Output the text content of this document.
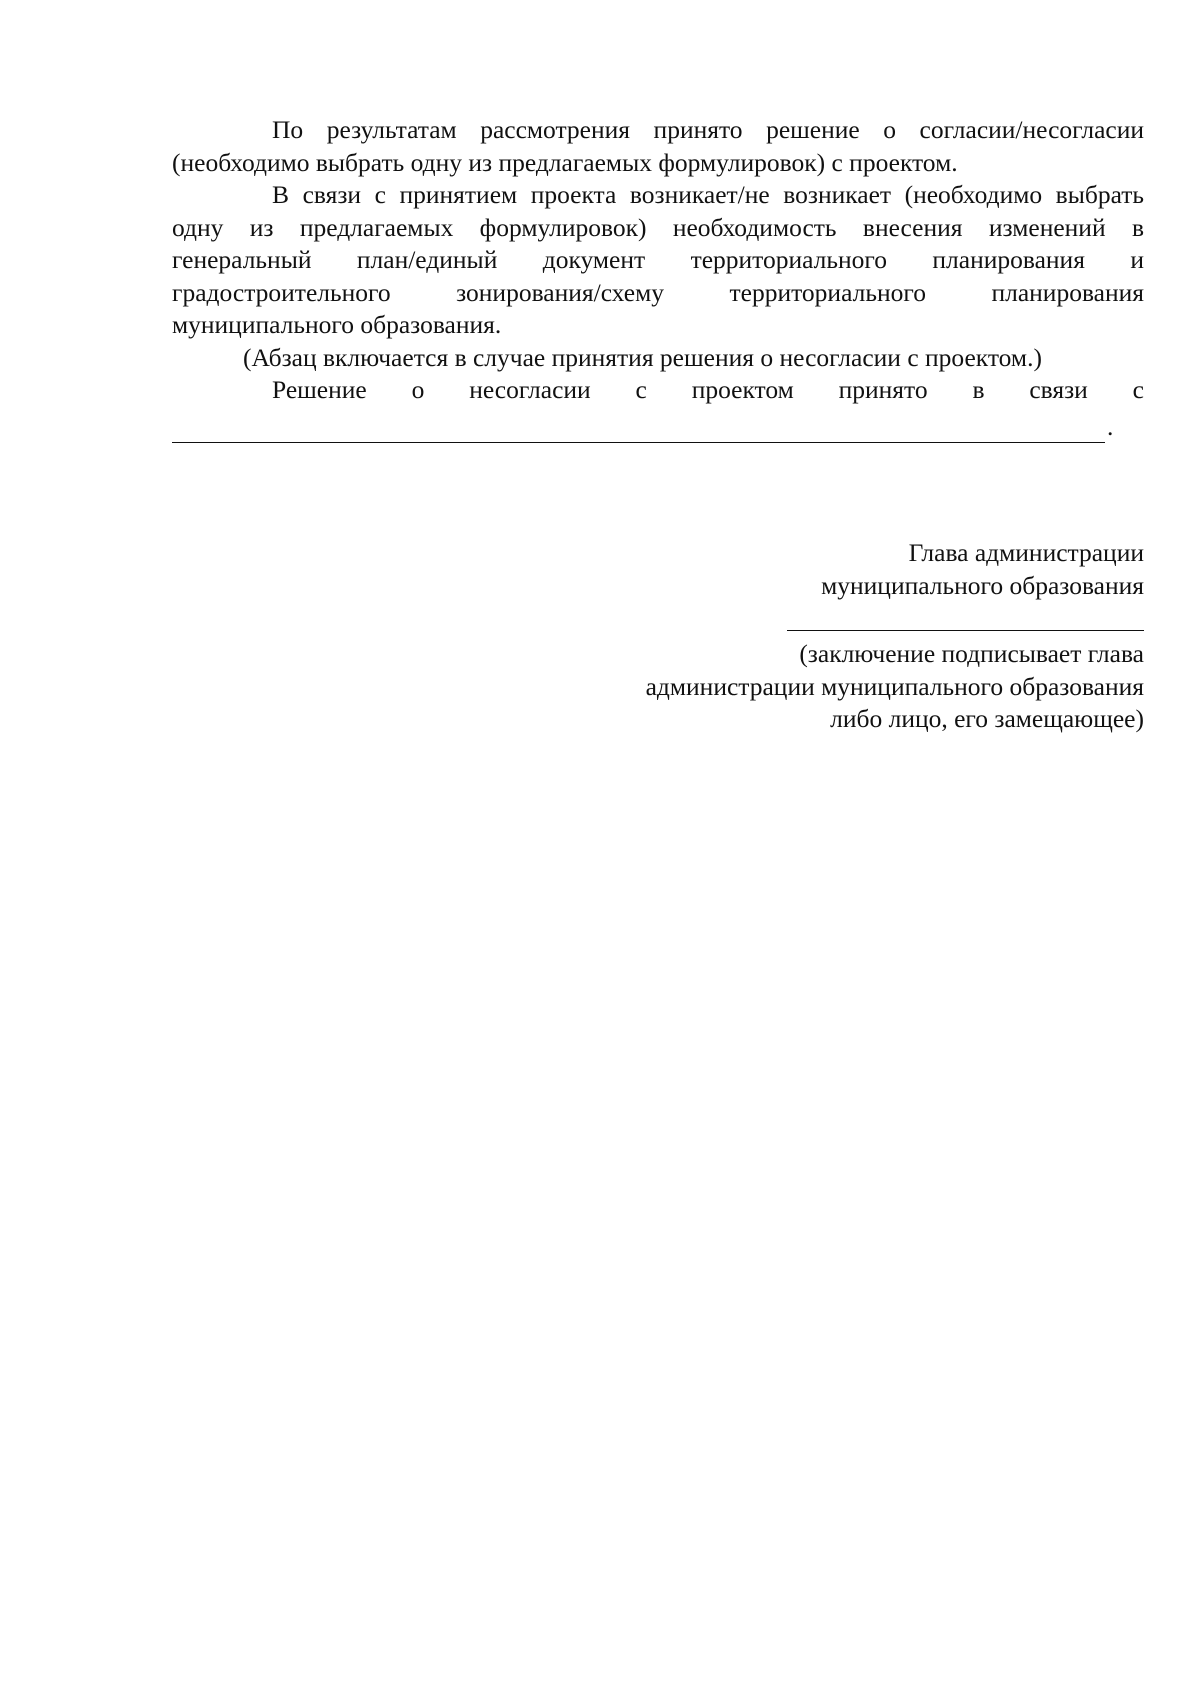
По результатам рассмотрения принято решение о согласии/несогласии (необходимо выбрать одну из предлагаемых формулировок) с проектом.

В связи с принятием проекта возникает/не возникает (необходимо выбрать одну из предлагаемых формулировок) необходимость внесения изменений в генеральный план/единый документ территориального планирования и градостроительного зонирования/схему территориального планирования муниципального образования.

(Абзац включается в случае принятия решения о несогласии с проектом.)

Решение о несогласии с проектом принято в связи с

.
Глава администрации
муниципального образования
(заключение подписывает глава
администрации муниципального образования
либо лицо, его замещающее)
